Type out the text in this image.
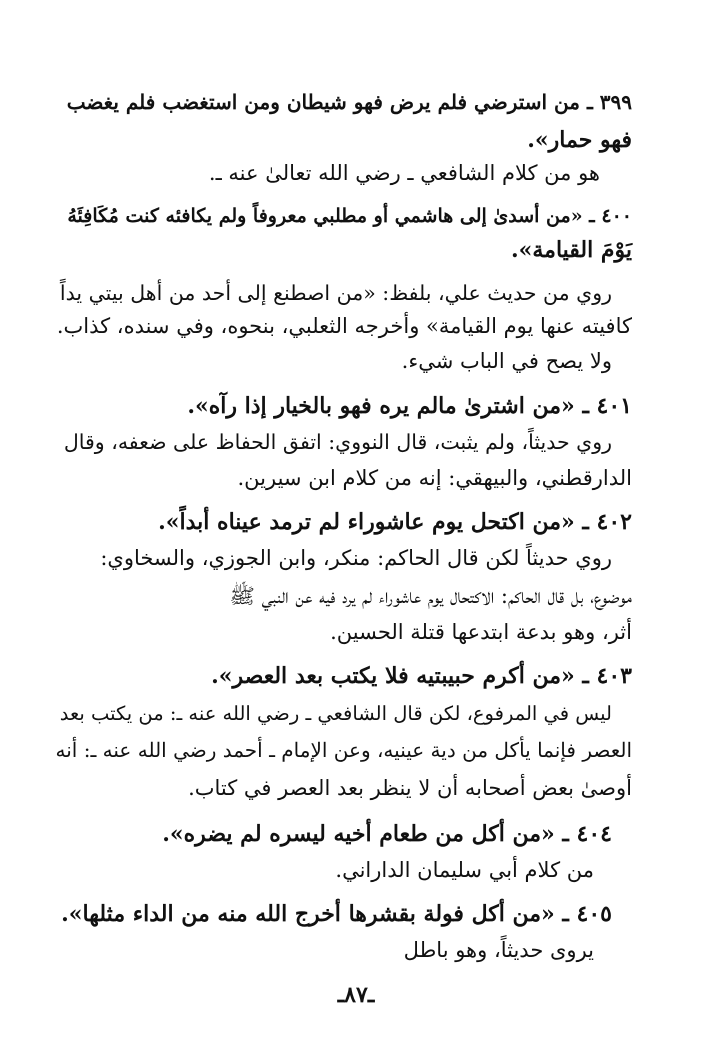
٣٩٩ ـ من استرضي فلم يرض فهو شيطان ومن استغضب فلم يغضب
فهو حمار».
هو من كلام الشافعي ـ رضي الله تعالىٰ عنه ـ.
٤٠٠ ـ «من أسدىٰ إلى هاشمي أو مطلبي معروفاً ولم يكافئه كنت مُكَافِئَهُ
يَوْمَ القيامة».
روي من حديث علي، بلفظ: «من اصطنع إلى أحد من أهل بيتي يداً
كافيته عنها يوم القيامة» وأخرجه الثعلبي، بنحوه، وفي سنده، كذاب.
ولا يصح في الباب شيء.
٤٠١ ـ «من اشترىٰ مالم يره فهو بالخيار إذا رآه».
روي حديثاً، ولم يثبت، قال النووي: اتفق الحفاظ على ضعفه، وقال
الدارقطني، والبيهقي: إنه من كلام ابن سيرين.
٤٠٢ ـ «من اكتحل يوم عاشوراء لم ترمد عيناه أبداً».
روي حديثاً لكن قال الحاكم: منكر، وابن الجوزي، والسخاوي:
موضوع، بل قال الحاكم: الاكتحال يوم عاشوراء لم يرد فيه عن النبي ﷺ
أثر، وهو بدعة ابتدعها قتلة الحسين.
٤٠٣ ـ «من أكرم حبيبتيه فلا يكتب بعد العصر».
ليس في المرفوع، لكن قال الشافعي ـ رضي الله عنه ـ: من يكتب بعد
العصر فإنما يأكل من دية عينيه، وعن الإمام ـ أحمد رضي الله عنه ـ: أنه
أوصىٰ بعض أصحابه أن لا ينظر بعد العصر في كتاب.
٤٠٤ ـ «من أكل من طعام أخيه ليسره لم يضره».
من كلام أبي سليمان الداراني.
٤٠٥ ـ «من أكل فولة بقشرها أخرج الله منه من الداء مثلها».
يروى حديثاً، وهو باطل
ـ٨٧ـ
